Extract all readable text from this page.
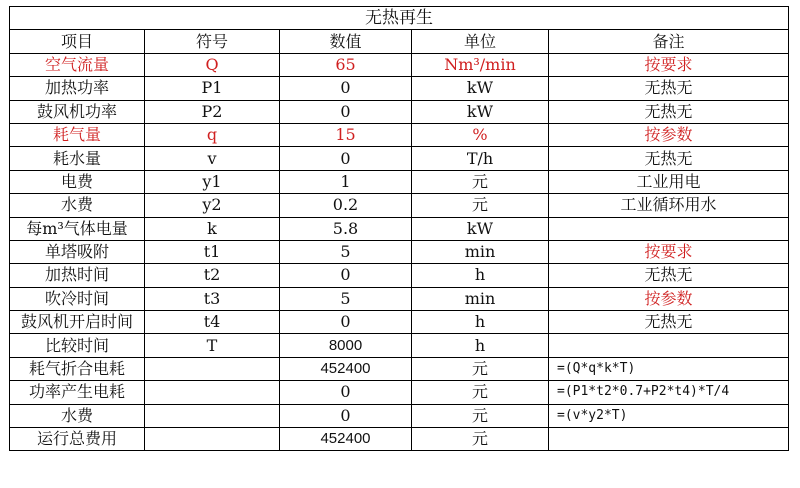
无热再生				
项目	符号	数值	单位	备注
空气流量	Q	65	Nm³/min	按要求
加热功率	P1	0	kW	无热无
鼓风机功率	P2	0	kW	无热无
耗气量	q	15	%	按参数
耗水量	v	0	T/h	无热无
电费	y1	1	元	工业用电
水费	y2	0.2	元	工业循环用水
每m³气体电量	k	5.8	kW	
单塔吸附	t1	5	min	按要求
加热时间	t2	0	h	无热无
吹冷时间	t3	5	min	按参数
鼓风机开启时间	t4	0	h	无热无
比较时间	T	8000	h	
耗气折合电耗		452400	元	=(Q*q*k*T)
功率产生电耗		0	元	=(P1*t2*0.7+P2*t4)*T/4
水费		0	元	=(v*y2*T)
运行总费用		452400	元	
